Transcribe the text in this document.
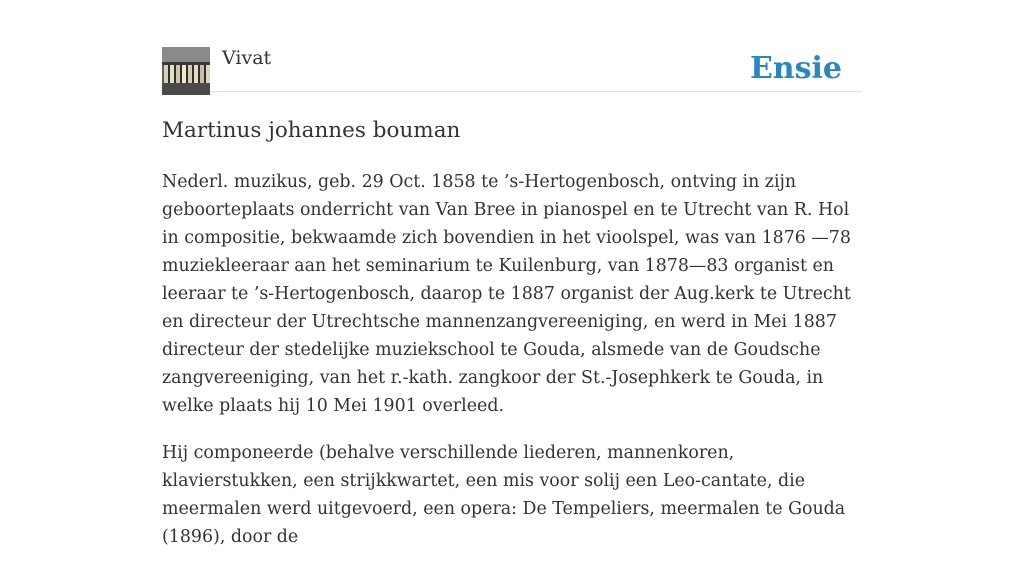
Vivat	Ensie
Martinus johannes bouman

Nederl. muzikus, geb. 29 Oct. 1858 te ’s-Hertogenbosch, ontving in zijn geboorteplaats onderricht van Van Bree in pianospel en te Utrecht van R. Hol in compositie, bekwaamde zich bovendien in het vioolspel, was van 1876 —78 muziekleeraar aan het seminarium te Kuilenburg, van 1878—83 organist en leeraar te ’s-Hertogenbosch, daarop te 1887 organist der Aug.kerk te Utrecht en directeur der Utrechtsche mannenzangvereeniging, en werd in Mei 1887 directeur der stedelijke muziekschool te Gouda, alsmede van de Goudsche zangvereeniging, van het r.-kath. zangkoor der St.-Josephkerk te Gouda, in welke plaats hij 10 Mei 1901 overleed.

Hij componeerde (behalve verschillende liederen, mannenkoren, klavierstukken, een strijkkwartet, een mis voor solij een Leo-cantate, die meermalen werd uitgevoerd, een opera: De Tempeliers, meermalen te Gouda (1896), door de
